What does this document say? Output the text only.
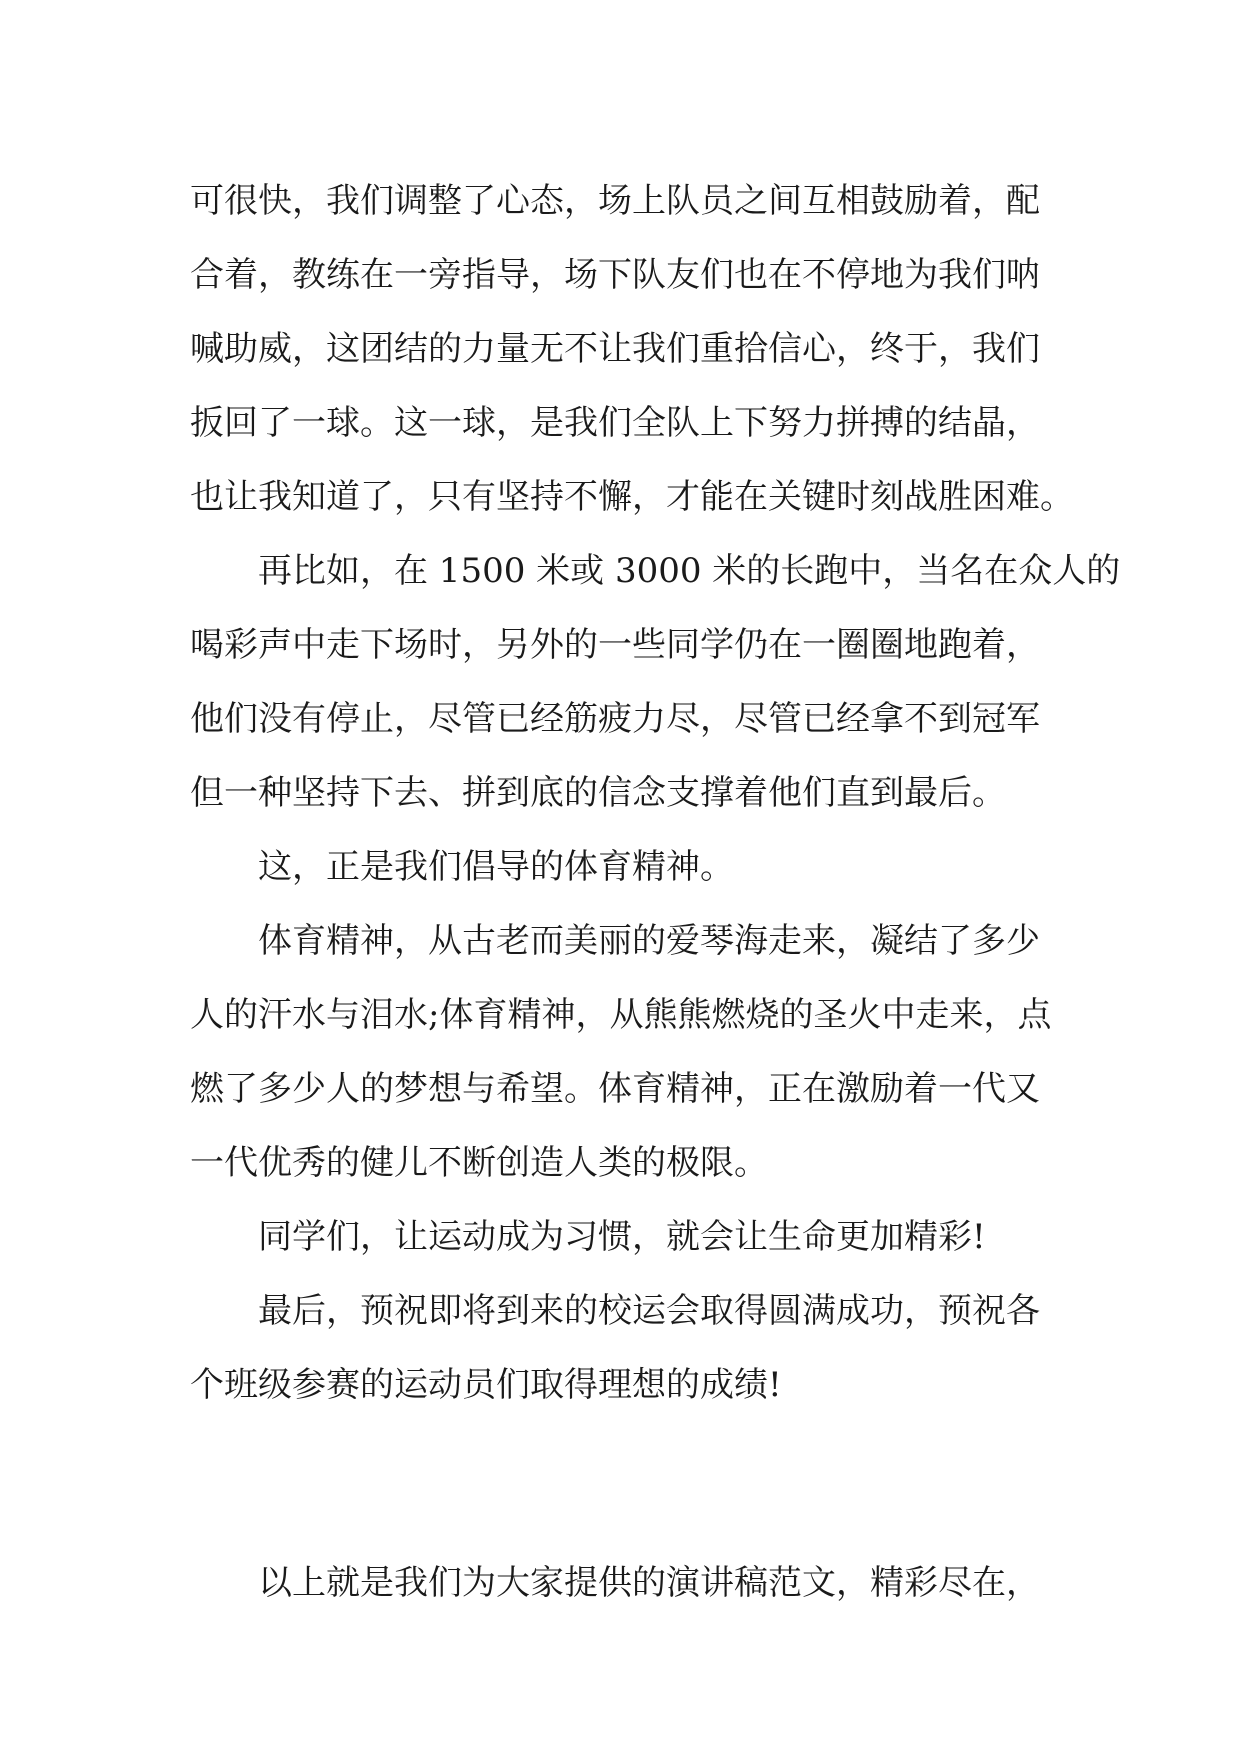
可很快，我们调整了心态，场上队员之间互相鼓励着，配

合着，教练在一旁指导，场下队友们也在不停地为我们呐

喊助威，这团结的力量无不让我们重拾信心，终于，我们

扳回了一球。这一球，是我们全队上下努力拼搏的结晶，

也让我知道了，只有坚持不懈，才能在关键时刻战胜困难。

再比如，在 1500 米或 3000 米的长跑中，当名在众人的

喝彩声中走下场时，另外的一些同学仍在一圈圈地跑着，

他们没有停止，尽管已经筋疲力尽，尽管已经拿不到冠军

但一种坚持下去、拼到底的信念支撑着他们直到最后。

这，正是我们倡导的体育精神。

体育精神，从古老而美丽的爱琴海走来，凝结了多少

人的汗水与泪水;体育精神，从熊熊燃烧的圣火中走来，点

燃了多少人的梦想与希望。体育精神，正在激励着一代又

一代优秀的健儿不断创造人类的极限。

同学们，让运动成为习惯，就会让生命更加精彩!

最后，预祝即将到来的校运会取得圆满成功，预祝各

个班级参赛的运动员们取得理想的成绩!

以上就是我们为大家提供的演讲稿范文，精彩尽在，
